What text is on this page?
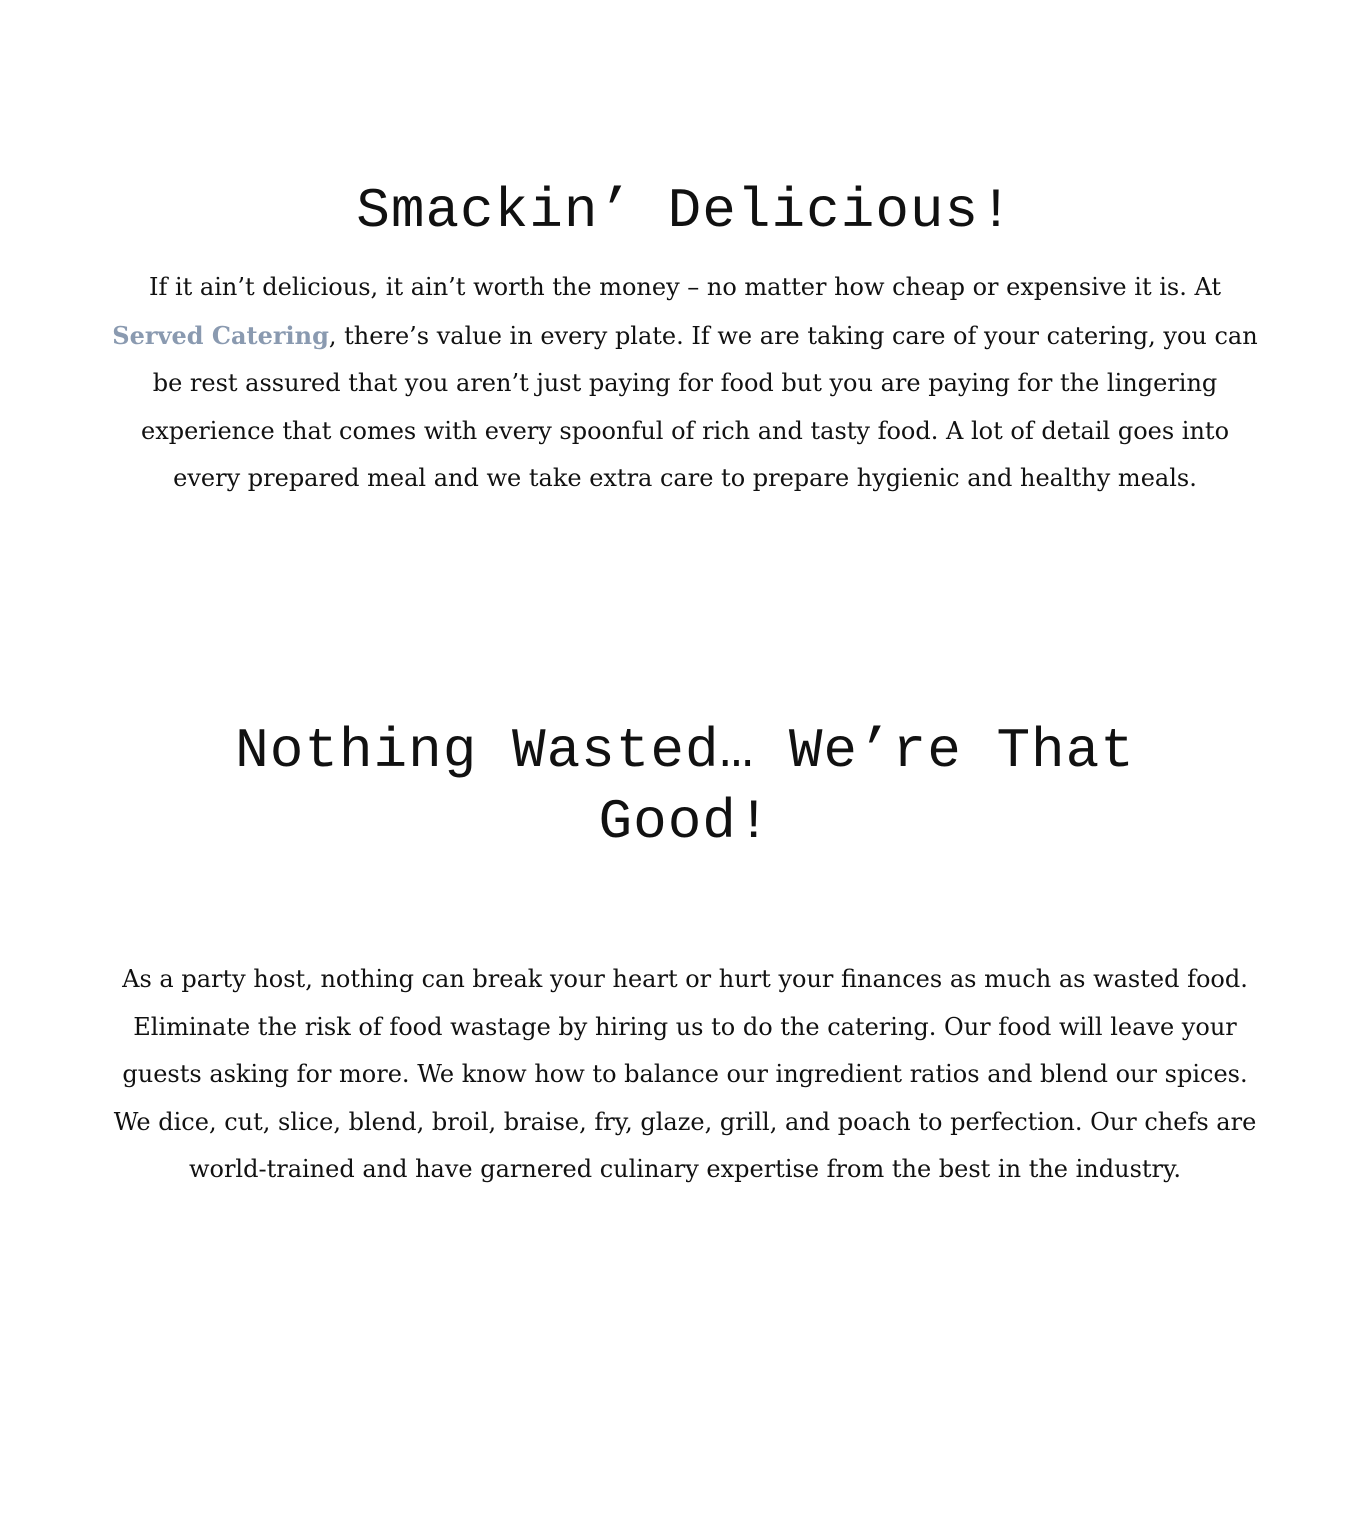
Smackin’ Delicious!

If it ain’t delicious, it ain’t worth the money – no matter how cheap or expensive it is. At Served Catering, there’s value in every plate. If we are taking care of your catering, you can be rest assured that you aren’t just paying for food but you are paying for the lingering experience that comes with every spoonful of rich and tasty food. A lot of detail goes into every prepared meal and we take extra care to prepare hygienic and healthy meals.

Nothing Wasted… We’re That Good!

As a party host, nothing can break your heart or hurt your finances as much as wasted food. Eliminate the risk of food wastage by hiring us to do the catering. Our food will leave your guests asking for more. We know how to balance our ingredient ratios and blend our spices. We dice, cut, slice, blend, broil, braise, fry, glaze, grill, and poach to perfection. Our chefs are world-trained and have garnered culinary expertise from the best in the industry.
